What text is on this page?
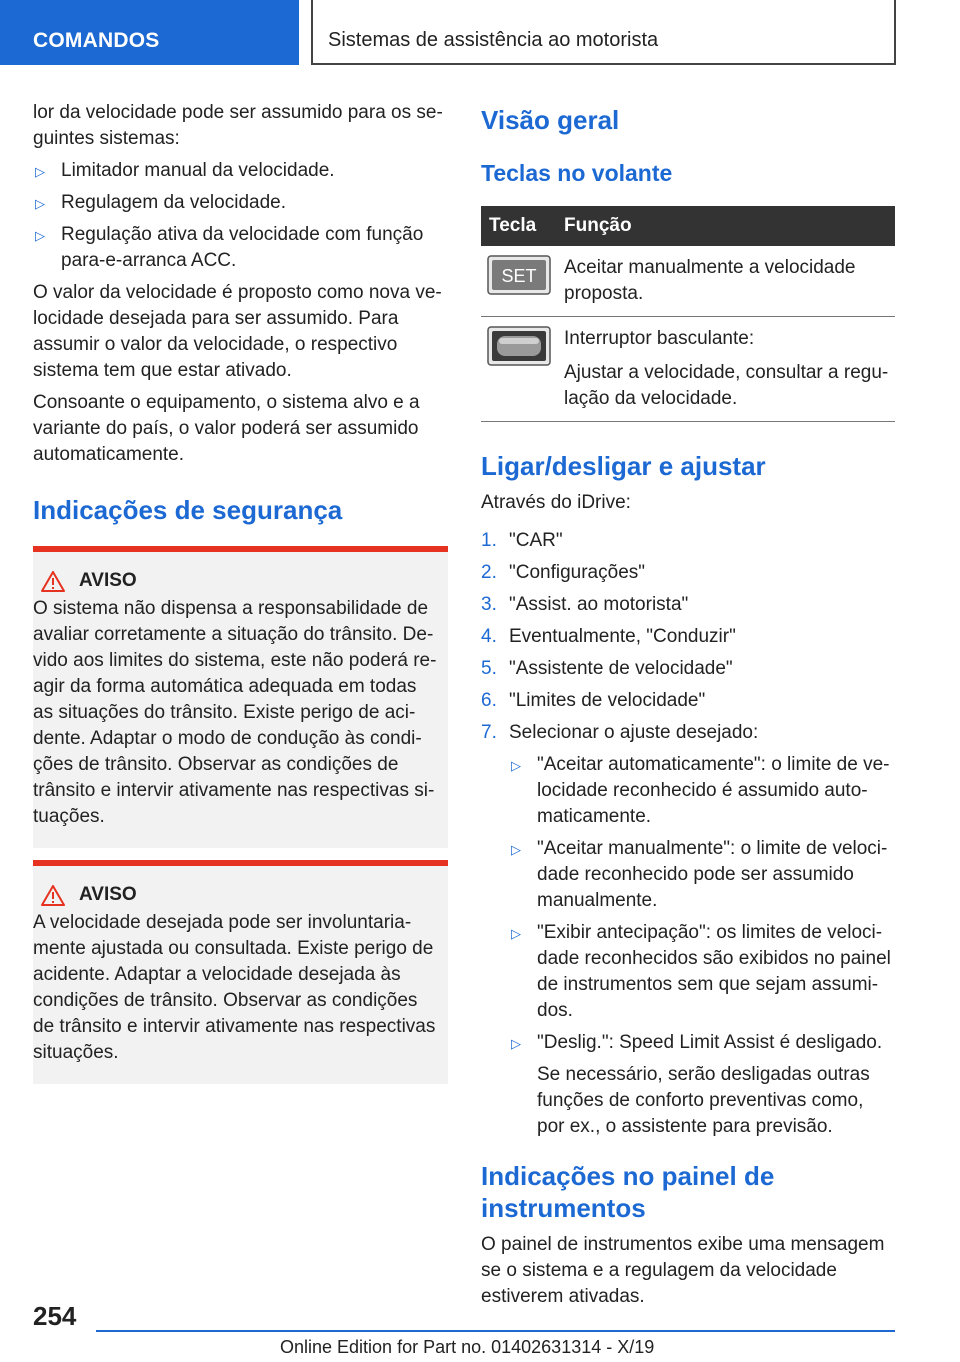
COMANDOS	Sistemas de assistência ao motorista

lor da velocidade pode ser assumido para os seguintes sistemas:

▷ Limitador manual da velocidade.
▷ Regulagem da velocidade.
▷ Regulação ativa da velocidade com função para-e-arranca ACC.

O valor da velocidade é proposto como nova velocidade desejada para ser assumido. Para assumir o valor da velocidade, o respectivo sistema tem que estar ativado.

Consoante o equipamento, o sistema alvo e a variante do país, o valor poderá ser assumido automaticamente.

Indicações de segurança
AVISO

O sistema não dispensa a responsabilidade de avaliar corretamente a situação do trânsito. Devido aos limites do sistema, este não poderá reagir da forma automática adequada em todas as situações do trânsito. Existe perigo de acidente. Adaptar o modo de condução às condições de trânsito. Observar as condições de trânsito e intervir ativamente nas respectivas situações.

AVISO

A velocidade desejada pode ser involuntariamente ajustada ou consultada. Existe perigo de acidente. Adaptar a velocidade desejada às condições de trânsito. Observar as condições de trânsito e intervir ativamente nas respectivas situações.

Visão geral
Teclas no volante
Tecla	Função

SET	Aceitar manualmente a velocidade proposta.

Interruptor basculante:
Ajustar a velocidade, consultar a regulação da velocidade.
Ligar/desligar e ajustar

Através do iDrive:

1. "CAR"
2. "Configurações"
3. "Assist. ao motorista"
4. Eventualmente, "Conduzir"
5. "Assistente de velocidade"
6. "Limites de velocidade"
7. Selecionar o ajuste desejado:
▷ "Aceitar automaticamente": o limite de velocidade reconhecido é assumido automaticamente.
▷ "Aceitar manualmente": o limite de velocidade reconhecido pode ser assumido manualmente.
▷ "Exibir antecipação": os limites de velocidade reconhecidos são exibidos no painel de instrumentos sem que sejam assumidos.
▷ "Deslig.": Speed Limit Assist é desligado.

Se necessário, serão desligadas outras funções de conforto preventivas como, por ex., o assistente para previsão.

Indicações no painel de instrumentos

O painel de instrumentos exibe uma mensagem se o sistema e a regulagem da velocidade estiverem ativadas.

254
Online Edition for Part no. 01402631314 - X/19
